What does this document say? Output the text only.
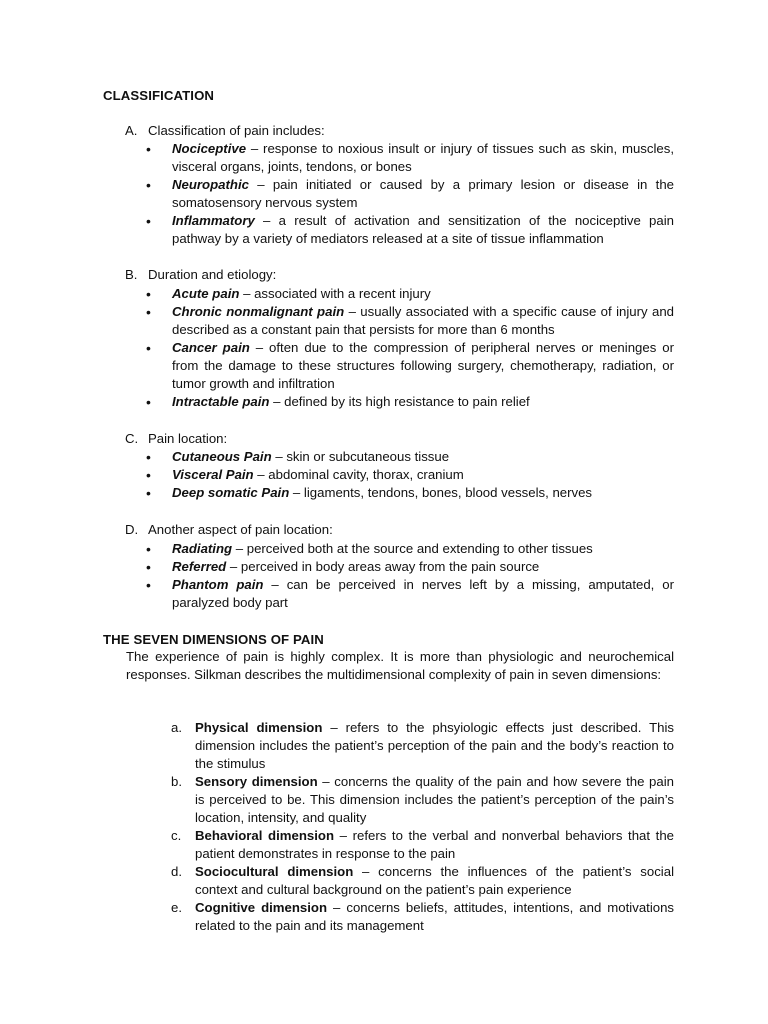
CLASSIFICATION
A. Classification of pain includes:
• Nociceptive – response to noxious insult or injury of tissues such as skin, muscles, visceral organs, joints, tendons, or bones
• Neuropathic – pain initiated or caused by a primary lesion or disease in the somatosensory nervous system
• Inflammatory – a result of activation and sensitization of the nociceptive pain pathway by a variety of mediators released at a site of tissue inflammation
B. Duration and etiology:
• Acute pain – associated with a recent injury
• Chronic nonmalignant pain – usually associated with a specific cause of injury and described as a constant pain that persists for more than 6 months
• Cancer pain – often due to the compression of peripheral nerves or meninges or from the damage to these structures following surgery, chemotherapy, radiation, or tumor growth and infiltration
• Intractable pain – defined by its high resistance to pain relief
C. Pain location:
• Cutaneous Pain – skin or subcutaneous tissue
• Visceral Pain – abdominal cavity, thorax, cranium
• Deep somatic Pain – ligaments, tendons, bones, blood vessels, nerves
D. Another aspect of pain location:
• Radiating – perceived both at the source and extending to other tissues
• Referred – perceived in body areas away from the pain source
• Phantom pain – can be perceived in nerves left by a missing, amputated, or paralyzed body part
THE SEVEN DIMENSIONS OF PAIN
The experience of pain is highly complex. It is more than physiologic and neurochemical responses. Silkman describes the multidimensional complexity of pain in seven dimensions:
a. Physical dimension – refers to the phsyiologic effects just described. This dimension includes the patient’s perception of the pain and the body’s reaction to the stimulus
b. Sensory dimension – concerns the quality of the pain and how severe the pain is perceived to be. This dimension includes the patient’s perception of the pain’s location, intensity, and quality
c. Behavioral dimension – refers to the verbal and nonverbal behaviors that the patient demonstrates in response to the pain
d. Sociocultural dimension – concerns the influences of the patient’s social context and cultural background on the patient’s pain experience
e. Cognitive dimension – concerns beliefs, attitudes, intentions, and motivations related to the pain and its management
